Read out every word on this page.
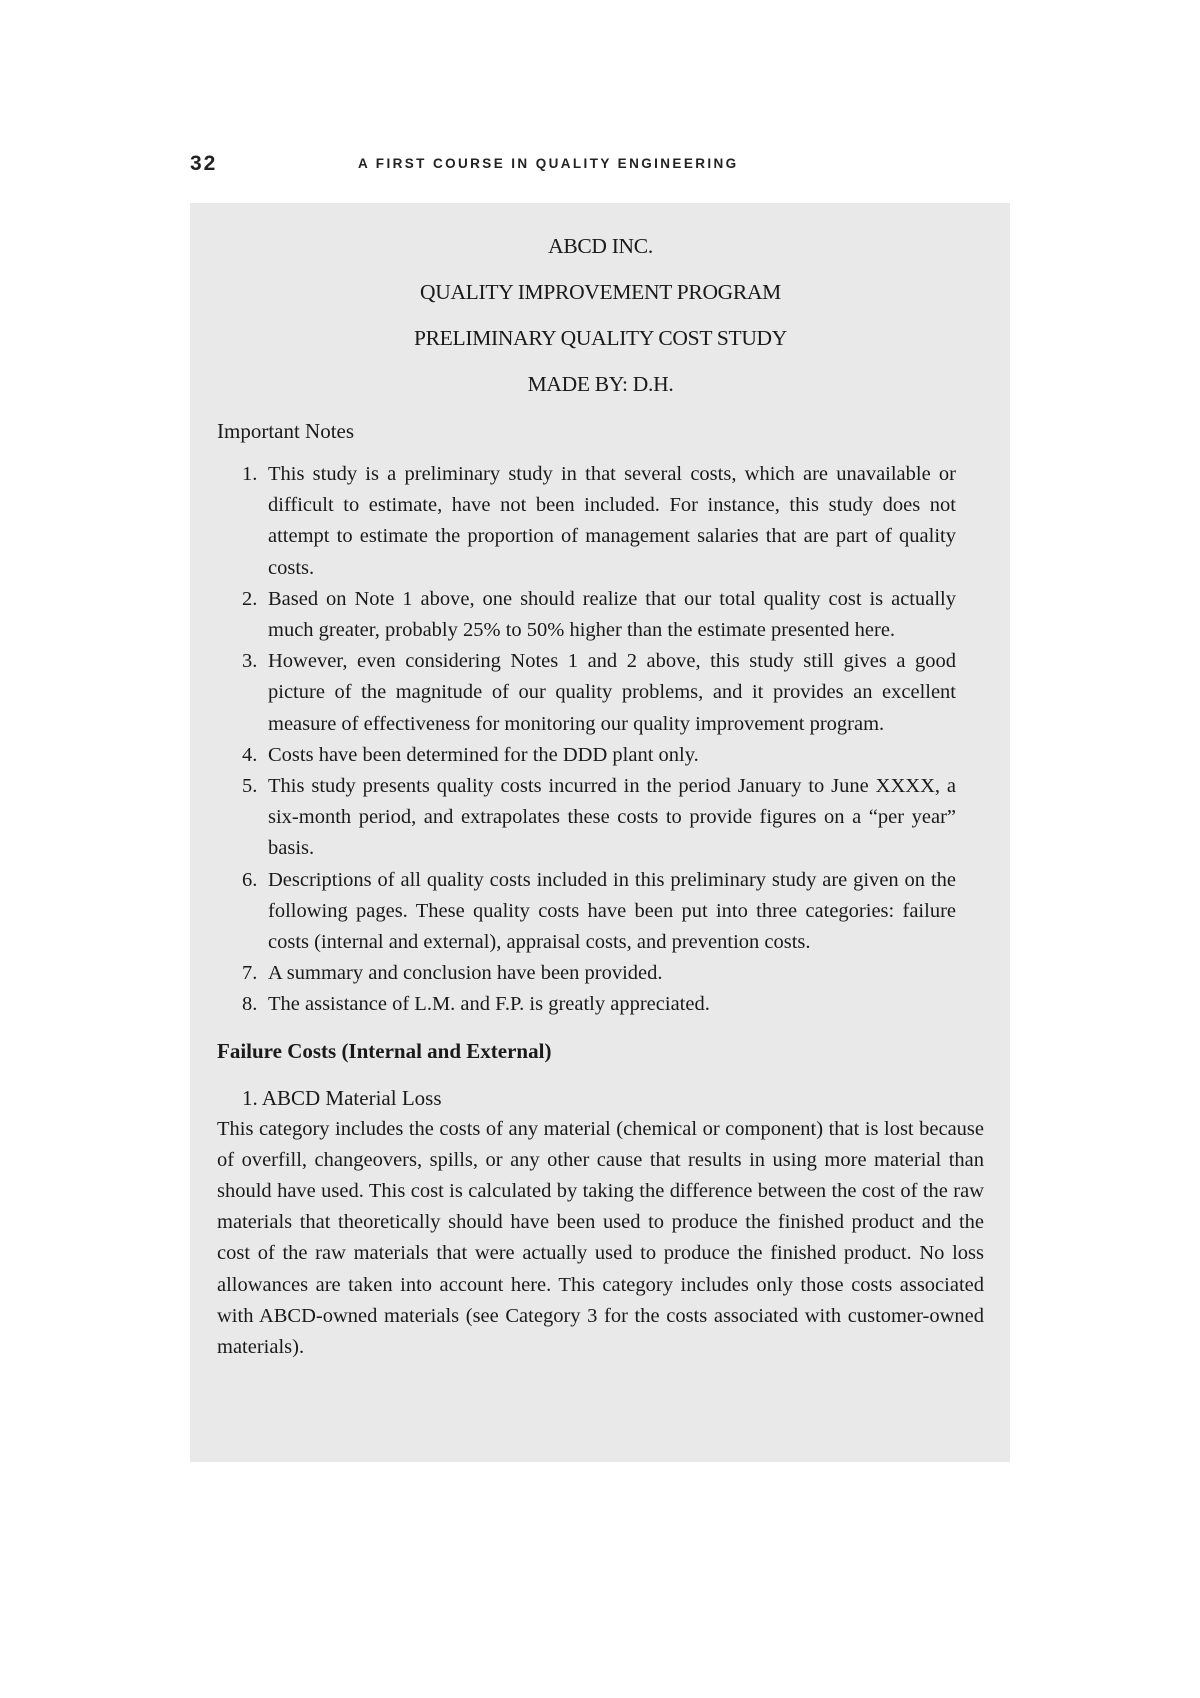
32	A FIRST COURSE IN QUALITY ENGINEERING
ABCD INC.
QUALITY IMPROVEMENT PROGRAM
PRELIMINARY QUALITY COST STUDY
MADE BY: D.H.
Important Notes
1. This study is a preliminary study in that several costs, which are unavailable or difficult to estimate, have not been included. For instance, this study does not attempt to estimate the proportion of management salaries that are part of quality costs.
2. Based on Note 1 above, one should realize that our total quality cost is actually much greater, probably 25% to 50% higher than the estimate presented here.
3. However, even considering Notes 1 and 2 above, this study still gives a good picture of the magnitude of our quality problems, and it provides an excellent measure of effectiveness for monitoring our quality improvement program.
4. Costs have been determined for the DDD plant only.
5. This study presents quality costs incurred in the period January to June XXXX, a six-month period, and extrapolates these costs to provide figures on a “per year” basis.
6. Descriptions of all quality costs included in this preliminary study are given on the following pages. These quality costs have been put into three categories: failure costs (internal and external), appraisal costs, and prevention costs.
7. A summary and conclusion have been provided.
8. The assistance of L.M. and F.P. is greatly appreciated.
Failure Costs (Internal and External)
1. ABCD Material Loss
This category includes the costs of any material (chemical or component) that is lost because of overfill, changeovers, spills, or any other cause that results in using more material than should have used. This cost is calculated by taking the difference between the cost of the raw materials that theoretically should have been used to produce the finished product and the cost of the raw materials that were actually used to produce the finished product. No loss allowances are taken into account here. This category includes only those costs associated with ABCD-owned materials (see Category 3 for the costs associated with customer-owned materials).
